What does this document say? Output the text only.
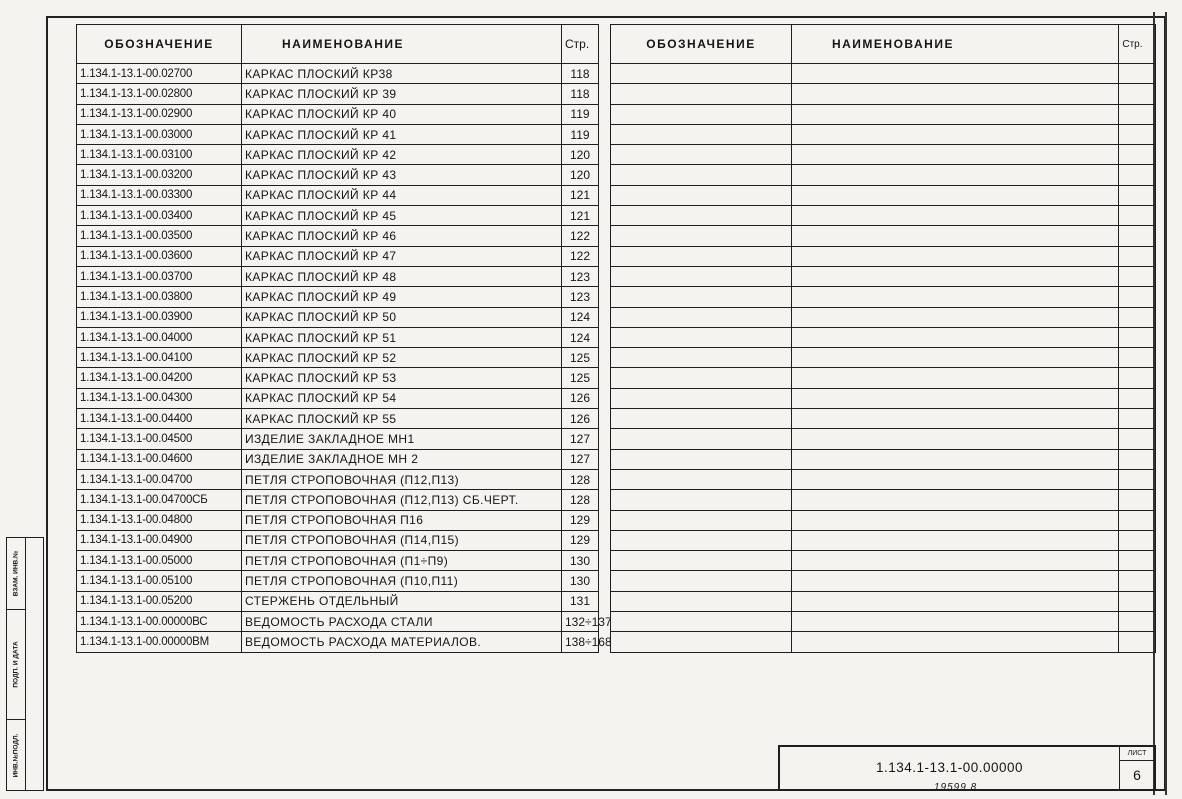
ОБОЗНАЧЕНИЕ	НАИМЕНОВАНИЕ	Стр.
1.134.1-13.1-00.02700	КАРКАС ПЛОСКИЙ КР38	118
1.134.1-13.1-00.02800	КАРКАС ПЛОСКИЙ КР 39	118
1.134.1-13.1-00.02900	КАРКАС ПЛОСКИЙ КР 40	119
1.134.1-13.1-00.03000	КАРКАС ПЛОСКИЙ КР 41	119
1.134.1-13.1-00.03100	КАРКАС ПЛОСКИЙ КР 42	120
1.134.1-13.1-00.03200	КАРКАС ПЛОСКИЙ КР 43	120
1.134.1-13.1-00.03300	КАРКАС ПЛОСКИЙ КР 44	121
1.134.1-13.1-00.03400	КАРКАС ПЛОСКИЙ КР 45	121
1.134.1-13.1-00.03500	КАРКАС ПЛОСКИЙ КР 46	122
1.134.1-13.1-00.03600	КАРКАС ПЛОСКИЙ КР 47	122
1.134.1-13.1-00.03700	КАРКАС ПЛОСКИЙ КР 48	123
1.134.1-13.1-00.03800	КАРКАС ПЛОСКИЙ КР 49	123
1.134.1-13.1-00.03900	КАРКАС ПЛОСКИЙ КР 50	124
1.134.1-13.1-00.04000	КАРКАС ПЛОСКИЙ КР 51	124
1.134.1-13.1-00.04100	КАРКАС ПЛОСКИЙ КР 52	125
1.134.1-13.1-00.04200	КАРКАС ПЛОСКИЙ КР 53	125
1.134.1-13.1-00.04300	КАРКАС ПЛОСКИЙ КР 54	126
1.134.1-13.1-00.04400	КАРКАС ПЛОСКИЙ КР 55	126
1.134.1-13.1-00.04500	ИЗДЕЛИЕ ЗАКЛАДНОЕ МН1	127
1.134.1-13.1-00.04600	ИЗДЕЛИЕ ЗАКЛАДНОЕ МН 2	127
1.134.1-13.1-00.04700	ПЕТЛЯ СТРОПОВОЧНАЯ (П12,П13)	128
1.134.1-13.1-00.04700СБ	ПЕТЛЯ СТРОПОВОЧНАЯ (П12,П13) СБ.ЧЕРТ.	128
1.134.1-13.1-00.04800	ПЕТЛЯ СТРОПОВОЧНАЯ П16	129
1.134.1-13.1-00.04900	ПЕТЛЯ СТРОПОВОЧНАЯ (П14,П15)	129
1.134.1-13.1-00.05000	ПЕТЛЯ СТРОПОВОЧНАЯ (П1÷П9)	130
1.134.1-13.1-00.05100	ПЕТЛЯ СТРОПОВОЧНАЯ (П10,П11)	130
1.134.1-13.1-00.05200	СТЕРЖЕНЬ ОТДЕЛЬНЫЙ	131
1.134.1-13.1-00.00000ВС	ВЕДОМОСТЬ РАСХОДА СТАЛИ	132÷137
1.134.1-13.1-00.00000ВМ	ВЕДОМОСТЬ РАСХОДА МАТЕРИАЛОВ.	138÷168
ОБОЗНАЧЕНИЕ	НАИМЕНОВАНИЕ	Стр.

1.134.1-13.1-00.00000
ЛИСТ
6
ВЗАМ. ИНВ.№
ПОДП. И ДАТА
ИНВ.№ПОДЛ.
19599 8
